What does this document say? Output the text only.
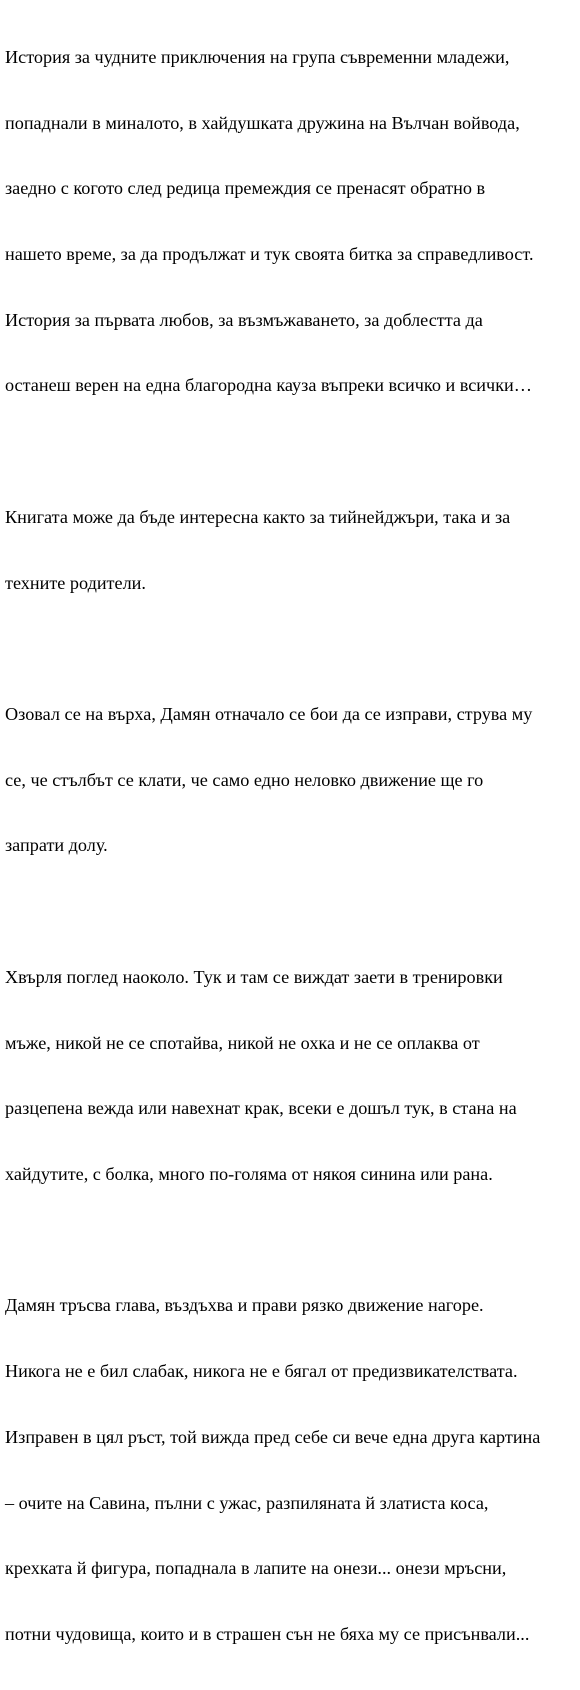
История за чудните приключения на група съвременни младежи,

попаднали в миналото, в хайдушката дружина на Вълчан войвода,

заедно с когото след редица премеждия се пренасят обратно в

нашето време, за да продължат и тук своята битка за справедливост.

История за първата любов, за възмъжаването, за доблестта да

останеш верен на една благородна кауза въпреки всичко и всички…

Книгата може да бъде интересна както за тийнейджъри, така и за

техните родители.

Озовал се на върха, Дамян отначало се бои да се изправи, струва му

се, че стълбът се клати, че само едно неловко движение ще го

запрати долу.

Хвърля поглед наоколо. Тук и там се виждат заети в тренировки

мъже, никой не се спотайва, никой не охка и не се оплаква от

разцепена вежда или навехнат крак, всеки е дошъл тук, в стана на

хайдутите, с болка, много по-голяма от някоя синина или рана.

Дамян тръсва глава, въздъхва и прави рязко движение нагоре.

Никога не е бил слабак, никога не е бягал от предизвикателствата.

Изправен в цял ръст, той вижда пред себе си вече една друга картина

– очите на Савина, пълни с ужас, разпиляната й златиста коса,

крехката й фигура, попаднала в лапите на онези... онези мръсни,

потни чудовища, които и в страшен сън не бяха му се присънвали...
